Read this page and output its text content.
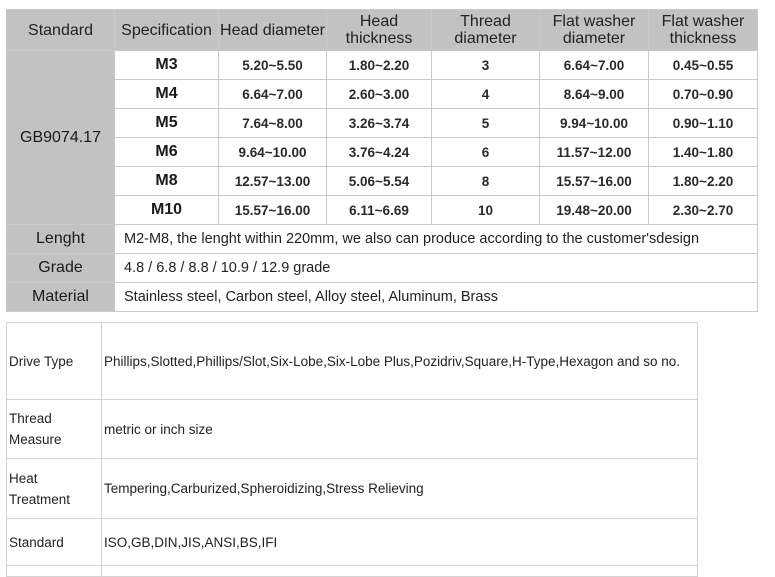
Standard	Specification	Head diameter	Head thickness	Thread diameter	Flat washer diameter	Flat washer thickness
GB9074.17	M3	5.20~5.50	1.80~2.20	3	6.64~7.00	0.45~0.55
	M4	6.64~7.00	2.60~3.00	4	8.64~9.00	0.70~0.90
	M5	7.64~8.00	3.26~3.74	5	9.94~10.00	0.90~1.10
	M6	9.64~10.00	3.76~4.24	6	11.57~12.00	1.40~1.80
	M8	12.57~13.00	5.06~5.54	8	15.57~16.00	1.80~2.20
	M10	15.57~16.00	6.11~6.69	10	19.48~20.00	2.30~2.70
Lenght	M2-M8, the lenght within 220mm, we also can produce according to the customer'sdesign					
Grade	4.8 / 6.8 / 8.8 / 10.9 / 12.9 grade					
Material	Stainless steel, Carbon steel, Alloy steel, Aluminum, Brass					
Drive Type	Phillips,Slotted,Phillips/Slot,Six-Lobe,Six-Lobe Plus,Pozidriv,Square,H-Type,Hexagon and so no.
Thread Measure	metric or inch size
Heat Treatment	Tempering,Carburized,Spheroidizing,Stress Relieving
Standard	ISO,GB,DIN,JIS,ANSI,BS,IFI
